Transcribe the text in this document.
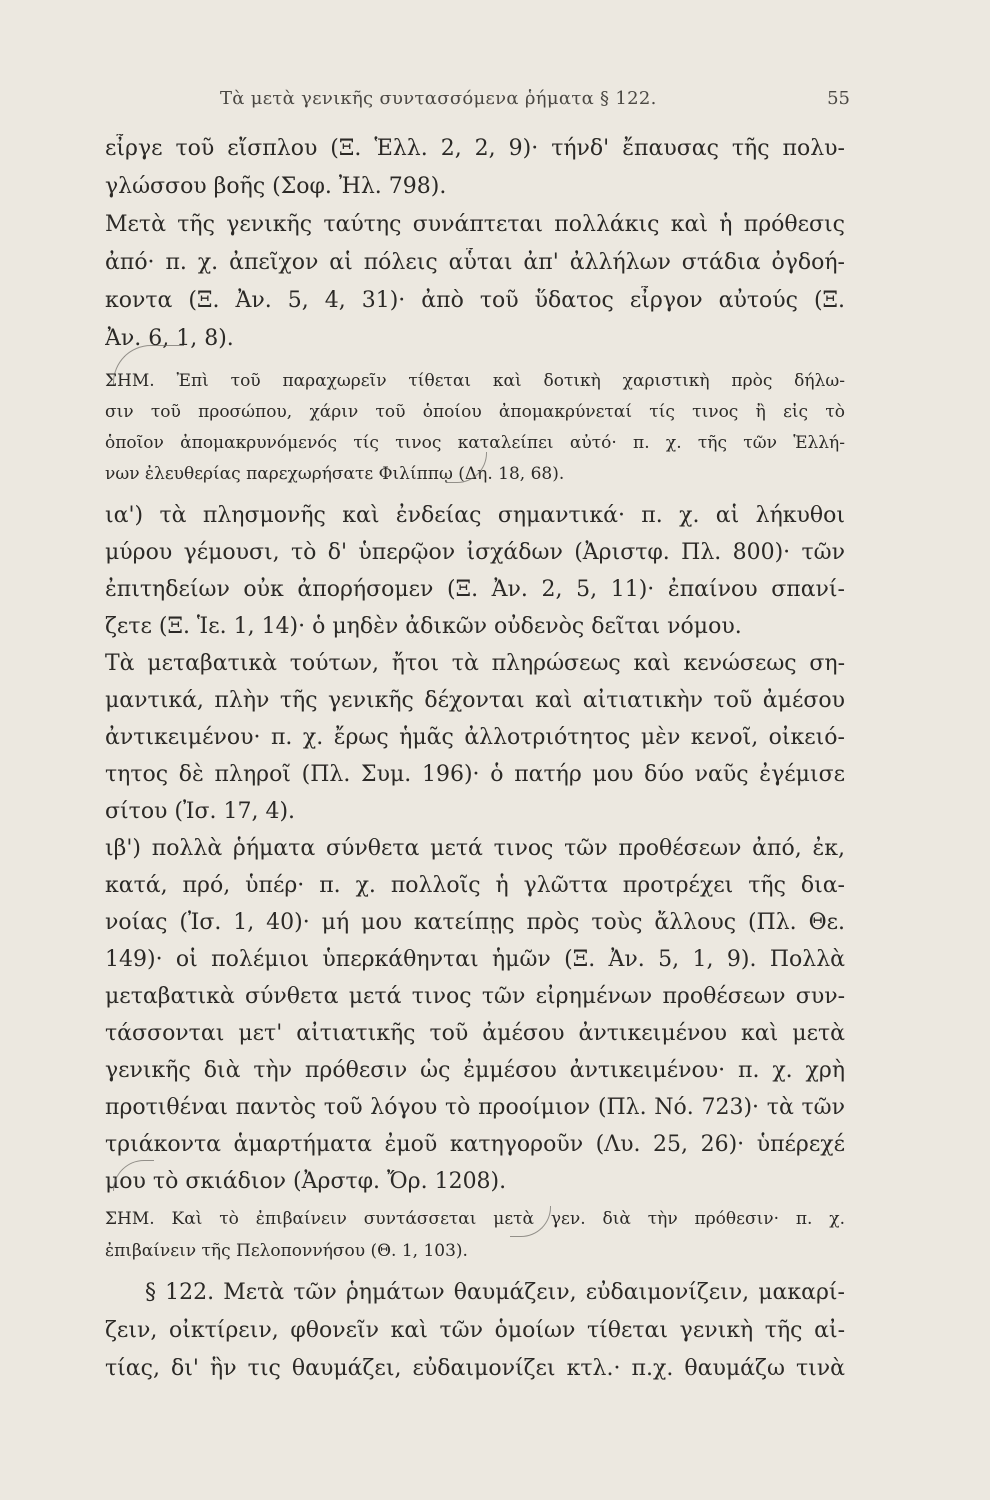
Τὰ μετὰ γενικῆς συντασσόμενα ῥήματα § 122.	55
εἶργε τοῦ εἴσπλου (Ξ. Ἑλλ. 2, 2, 9)· τήνδ' ἔπαυσας τῆς πολυ-
γλώσσου βοῆς (Σοφ. Ἠλ. 798).
Μετὰ τῆς γενικῆς ταύτης συνάπτεται πολλάκις καὶ ἡ πρόθεσις
ἀπό· π. χ. ἀπεῖχον αἱ πόλεις αὗται ἀπ' ἀλλήλων στάδια ὀγδοή-
κοντα (Ξ. Ἀν. 5, 4, 31)· ἀπὸ τοῦ ὕδατος εἶργον αὐτούς (Ξ.
Ἀν. 6, 1, 8).
ΣΗΜ. Ἐπὶ τοῦ παραχωρεῖν τίθεται καὶ δοτικὴ χαριστικὴ πρὸς δήλω-
σιν τοῦ προσώπου, χάριν τοῦ ὁποίου ἀπομακρύνεταί τίς τινος ἢ εἰς τὸ
ὁποῖον ἀπομακρυνόμενός τίς τινος καταλείπει αὐτό· π. χ. τῆς τῶν Ἑλλή-
νων ἐλευθερίας παρεχωρήσατε Φιλίππῳ (Δη. 18, 68).
ια') τὰ πλησμονῆς καὶ ἐνδείας σημαντικά· π. χ. αἱ λήκυθοι
μύρου γέμουσι, τὸ δ' ὑπερῷον ἰσχάδων (Ἀριστφ. Πλ. 800)· τῶν
ἐπιτηδείων οὐκ ἀπορήσομεν (Ξ. Ἀν. 2, 5, 11)· ἐπαίνου σπανί-
ζετε (Ξ. Ἱε. 1, 14)· ὁ μηδὲν ἀδικῶν οὐδενὸς δεῖται νόμου.
Τὰ μεταβατικὰ τούτων, ἤτοι τὰ πληρώσεως καὶ κενώσεως ση-
μαντικά, πλὴν τῆς γενικῆς δέχονται καὶ αἰτιατικὴν τοῦ ἀμέσου
ἀντικειμένου· π. χ. ἔρως ἡμᾶς ἀλλοτριότητος μὲν κενοῖ, οἰκειό-
τητος δὲ πληροῖ (Πλ. Συμ. 196)· ὁ πατήρ μου δύο ναῦς ἐγέμισε
σίτου (Ἰσ. 17, 4).
ιβ') πολλὰ ῥήματα σύνθετα μετά τινος τῶν προθέσεων ἀπό, ἐκ,
κατά, πρό, ὑπέρ· π. χ. πολλοῖς ἡ γλῶττα προτρέχει τῆς δια-
νοίας (Ἰσ. 1, 40)· μή μου κατείπῃς πρὸς τοὺς ἄλλους (Πλ. Θε.
149)· οἱ πολέμιοι ὑπερκάθηνται ἡμῶν (Ξ. Ἀν. 5, 1, 9). Πολλὰ
μεταβατικὰ σύνθετα μετά τινος τῶν εἰρημένων προθέσεων συν-
τάσσονται μετ' αἰτιατικῆς τοῦ ἀμέσου ἀντικειμένου καὶ μετὰ
γενικῆς διὰ τὴν πρόθεσιν ὡς ἐμμέσου ἀντικειμένου· π. χ. χρὴ
προτιθέναι παντὸς τοῦ λόγου τὸ προοίμιον (Πλ. Νό. 723)· τὰ τῶν
τριάκοντα ἁμαρτήματα ἐμοῦ κατηγοροῦν (Λυ. 25, 26)· ὑπέρεχέ
μου τὸ σκιάδιον (Ἀρστφ. Ὄρ. 1208).
ΣΗΜ. Καὶ τὸ ἐπιβαίνειν συντάσσεται μετὰ γεν. διὰ τὴν πρόθεσιν· π. χ.
ἐπιβαίνειν τῆς Πελοποννήσου (Θ. 1, 103).
§ 122. Μετὰ τῶν ῥημάτων θαυμάζειν, εὐδαιμονίζειν, μακαρί-
ζειν, οἰκτίρειν, φθονεῖν καὶ τῶν ὁμοίων τίθεται γενικὴ τῆς αἰ-
τίας, δι' ἣν τις θαυμάζει, εὐδαιμονίζει κτλ.· π.χ. θαυμάζω τινὰ
